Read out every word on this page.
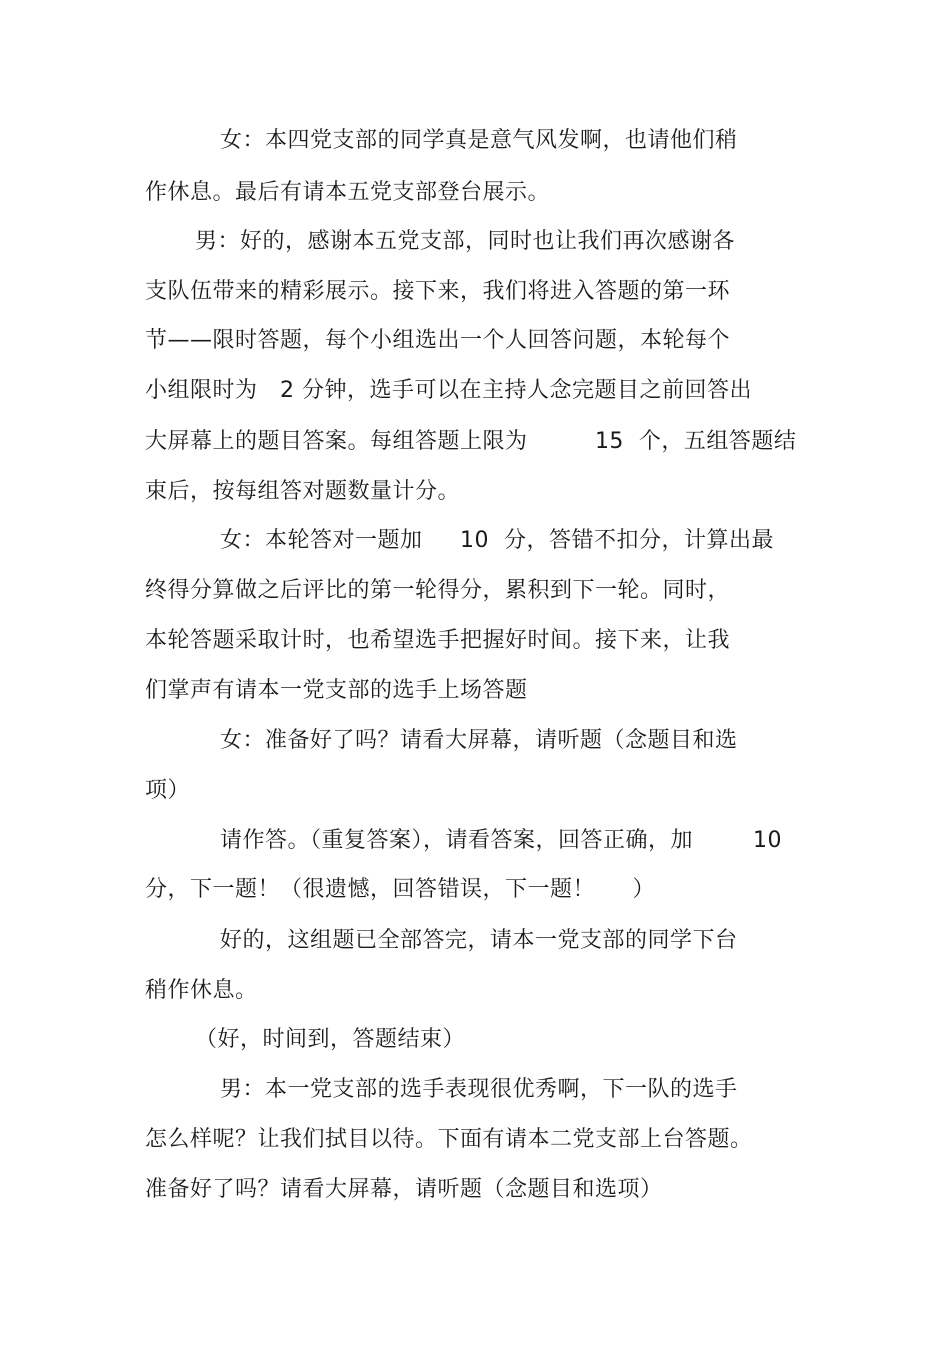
女：本四党支部的同学真是意气风发啊，也请他们稍
作休息。最后有请本五党支部登台展示。
男：好的，感谢本五党支部，同时也让我们再次感谢各
支队伍带来的精彩展示。接下来，我们将进入答题的第一环
节——限时答题，每个小组选出一个人回答问题，本轮每个
小组限时为   2 分钟，选手可以在主持人念完题目之前回答出
大屏幕上的题目答案。每组答题上限为         15  个，五组答题结
束后，按每组答对题数量计分。
女：本轮答对一题加     10  分，答错不扣分，计算出最
终得分算做之后评比的第一轮得分，累积到下一轮。同时，
本轮答题采取计时，也希望选手把握好时间。接下来，让我
们掌声有请本一党支部的选手上场答题
女：准备好了吗？请看大屏幕，请听题（念题目和选
项）
请作答。（重复答案），请看答案，回答正确，加        10
分，下一题！（很遗憾，回答错误，下一题！     ）
好的，这组题已全部答完，请本一党支部的同学下台
稍作休息。
（好，时间到，答题结束）
男：本一党支部的选手表现很优秀啊，下一队的选手
怎么样呢？让我们拭目以待。下面有请本二党支部上台答题。
准备好了吗？请看大屏幕，请听题（念题目和选项）
